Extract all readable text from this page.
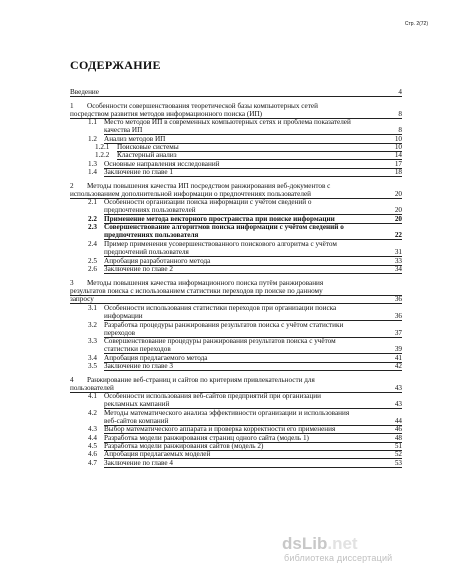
Стр. 2(72)
СОДЕРЖАНИЕ
Введение	4
1 Особенности совершенствования теоретической базы компьютерных сетей
посредством развития методов информационного поиска (ИП)	8
1.1 Место методов ИП в современных компьютерных сетях и проблема показателей
качества ИП	8
1.2 Анализ методов ИП	10
1.2.1 Поисковые системы	10
1.2.2 Кластерный анализ	14
1.3 Основные направления исследований	17
1.4 Заключение по главе 1	18
2 Методы повышения качества ИП посредством ранжирования веб-документов с
использованием дополнительной информации о предпочтениях пользователей	20
2.1 Особенности организации поиска информации с учётом сведений о
предпочтениях пользователей	20
2.2 Применение метода векторного пространства при поиске информации	20
2.3 Совершенствование алгоритмов поиска информации с учётом сведений о
предпочтениях пользователя	22
2.4 Пример применения усовершенствованного поискового алгоритма с учётом
предпочтений пользователя	31
2.5 Апробация разработанного метода	33
2.6 Заключение по главе 2	34
3 Методы повышения качества информационного поиска путём ранжирования
результатов поиска с использованием статистики переходов пр поиске по данному
запросу	36
3.1 Особенности использования статистики переходов при организации поиска
информации	36
3.2 Разработка процедуры ранжирования результатов поиска с учётом статистики
переходов	37
3.3 Совершенствование процедуры ранжирования результатов поиска с учётом
статистики переходов	39
3.4 Апробация предлагаемого метода	41
3.5 Заключение по главе 3	42
4 Ранжирование веб-страниц и сайтов по критериям привлекательности для
пользователей	43
4.1 Особенности использования веб-сайтов предприятий при организации
рекламных кампаний	43
4.2 Методы математического анализа эффективности организации и использования
веб-сайтов компаний	44
4.3 Выбор математического аппарата и проверка корректности его применения	46
4.4 Разработка модели ранжирования страниц одного сайта (модель 1)	48
4.5 Разработка модели ранжирования сайтов (модель 2)	51
4.6 Апробация предлагаемых моделей	52
4.7 Заключение по главе 4	53
dsLib.net
библиотека диссертаций
